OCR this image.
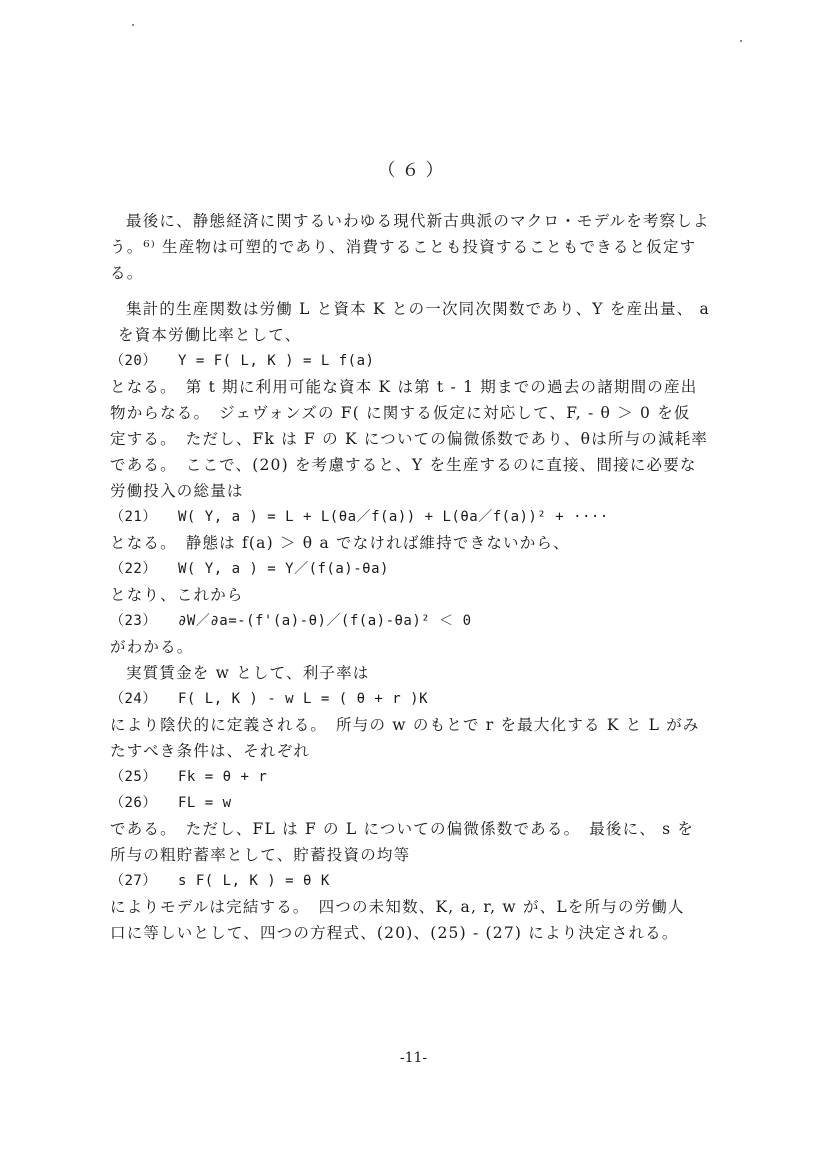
（６）
最後に、静態経済に関するいわゆる現代新古典派のマクロ・モデルを考察しよ
う。⁶⁾ 生産物は可塑的であり、消費することも投資することもできると仮定す
る。
集計的生産関数は労働 L と資本 K との一次同次関数であり、Y を産出量、 a
を資本労働比率として、
（20） Y = F( L, K ) = L f(a)
となる。　第 t 期に利用可能な資本 K は第 t - 1 期までの過去の諸期間の産出
物からなる。　ジェヴォンズの F( に関する仮定に対応して、F, - θ ＞ 0 を仮
定する。　ただし、Fk は F の K についての偏微係数であり、θは所与の減耗率
である。　ここで、(20) を考慮すると、Y を生産するのに直接、間接に必要な
労働投入の総量は
（21） W( Y, a ) = L + L(θa／f(a)) + L(θa／f(a))² + ····
となる。　静態は f(a) ＞ θ a でなければ維持できないから、
（22） W( Y, a ) = Y／(f(a)-θa)
となり、これから
（23） ∂W／∂a=-(f'(a)-θ)／(f(a)-θa)² ＜ 0
がわかる。
実質賃金を w として、利子率は
（24） F( L, K ) - w L = ( θ + r )K
により陰伏的に定義される。　所与の w のもとで r を最大化する K と L がみ
たすべき条件は、それぞれ
（25） Fk = θ + r
（26） FL = w
である。　ただし、FL は F の L についての偏微係数である。　最後に、 s を
所与の粗貯蓄率として、貯蓄投資の均等
（27） s F( L, K ) = θ K
によりモデルは完結する。　四つの未知数、K, a, r, w が、Lを所与の労働人
口に等しいとして、四つの方程式、(20)、(25) - (27) により決定される。
-11-
